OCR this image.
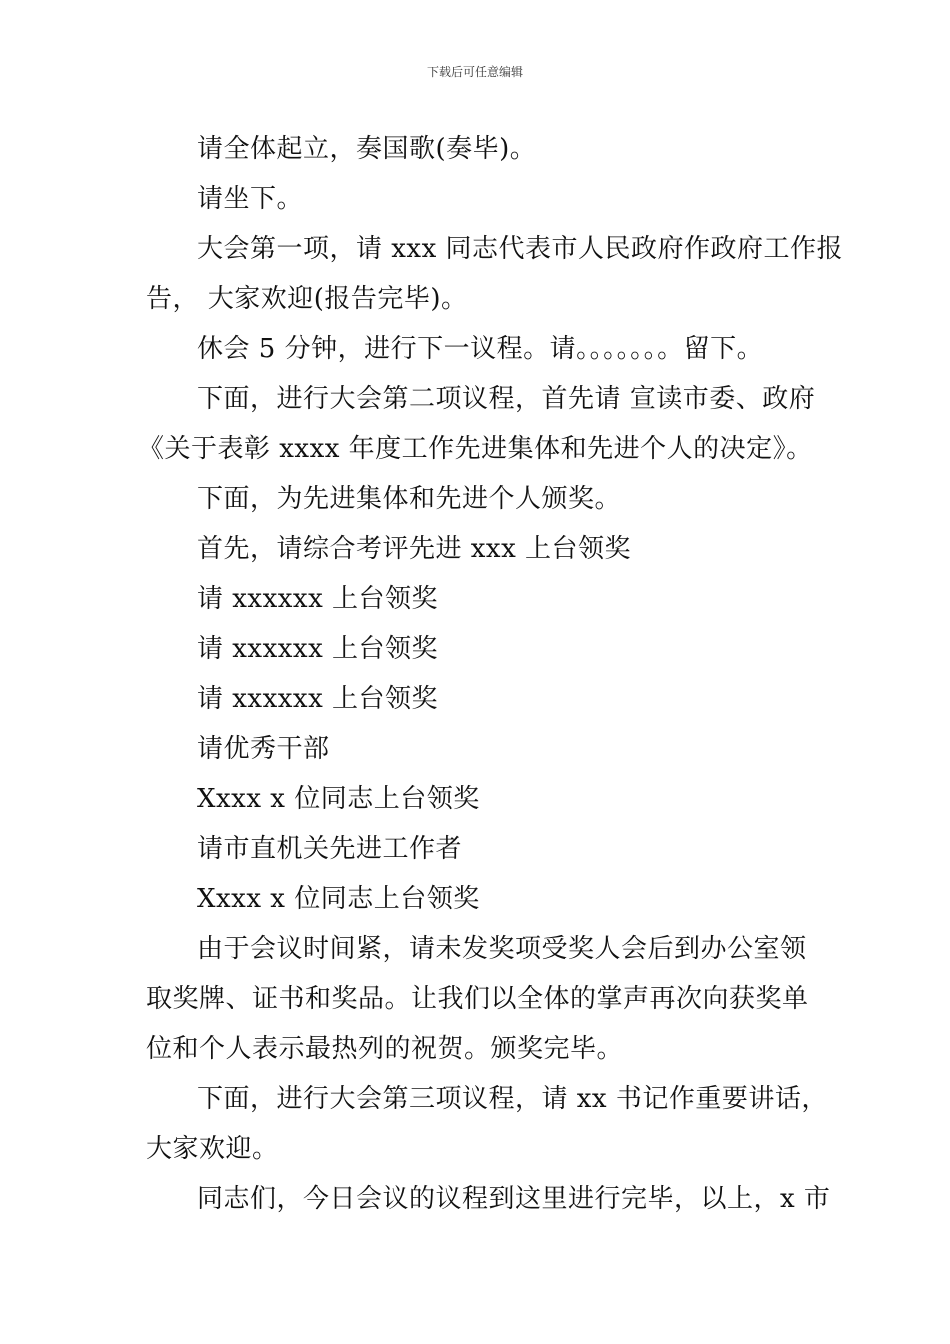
下载后可任意编辑

请全体起立，奏国歌(奏毕)。

请坐下。

大会第一项，请 xxx 同志代表市人民政府作政府工作报

告， 大家欢迎(报告完毕)。

休会 5 分钟，进行下一议程。请。。。。。。。留下。

下面，进行大会第二项议程，首先请 宣读市委、政府

《关于表彰 xxxx 年度工作先进集体和先进个人的决定》。

下面，为先进集体和先进个人颁奖。

首先，请综合考评先进 xxx 上台领奖

请 xxxxxx 上台领奖

请 xxxxxx 上台领奖

请 xxxxxx 上台领奖

请优秀干部

Xxxx x 位同志上台领奖

请市直机关先进工作者

Xxxx x 位同志上台领奖

由于会议时间紧，请未发奖项受奖人会后到办公室领

取奖牌、证书和奖品。让我们以全体的掌声再次向获奖单

位和个人表示最热列的祝贺。颁奖完毕。

下面，进行大会第三项议程，请 xx 书记作重要讲话，

大家欢迎。

同志们，今日会议的议程到这里进行完毕，以上，x 市
